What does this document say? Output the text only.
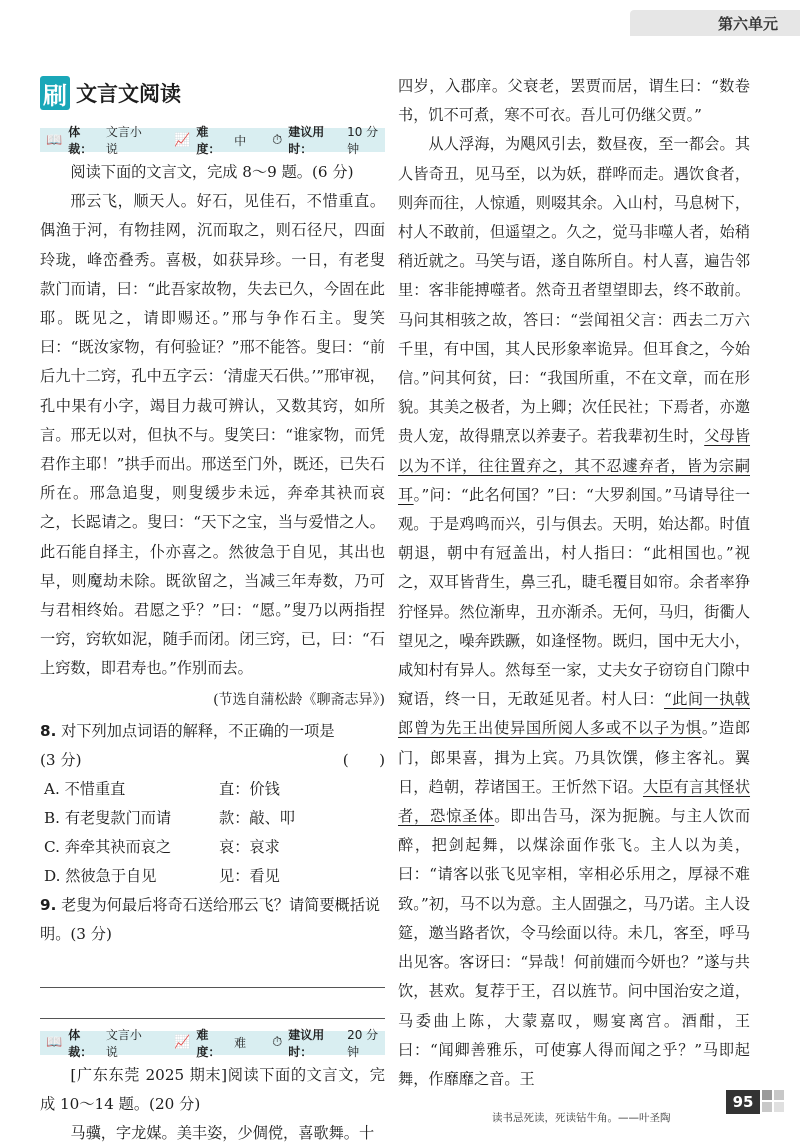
第六单元
刷 文言文阅读
📖
体裁：
文言小说
📈
难度：
中 ⏱
建议用时：
10 分钟

阅读下面的文言文，完成 8～9 题。(6 分)

邢云飞，顺天人。好石，见佳石，不惜重直。偶渔于河，有物挂网，沉而取之，则石径尺，四面玲珑，峰峦叠秀。喜极，如获异珍。一日，有老叟款门而请，曰：“此吾家故物，失去已久，今固在此耶。既见之，请即赐还。”邢与争作石主。叟笑曰：“既汝家物，有何验证？”邢不能答。叟曰：“前后九十二窍，孔中五字云：‘清虚天石供。’”邢审视，孔中果有小字，竭目力裁可辨认，又数其窍，如所言。邢无以对，但执不与。叟笑曰：“谁家物，而凭君作主耶！”拱手而出。邢送至门外，既还，已失石所在。邢急追叟，则叟缓步未远，奔牵其袂而哀之，长跽请之。叟曰：“天下之宝，当与爱惜之人。此石能自择主，仆亦喜之。然彼急于自见，其出也早，则魔劫未除。既欲留之，当减三年寿数，乃可与君相终始。君愿之乎？”曰：“愿。”叟乃以两指捏一窍，窍软如泥，随手而闭。闭三窍，已，曰：“石上窍数，即君寿也。”作别而去。

(节选自蒲松龄《聊斋志异》)

8. 对下列加点词语的解释，不正确的一项是
(3 分)	(　　)
A. 不惜重直	直：价钱
B. 有老叟款门而请	款：敲、叩
C. 奔牵其袂而哀之	哀：哀求
D. 然彼急于自见	见：看见
9. 老叟为何最后将奇石送给邢云飞？请简要概括说明。(3 分)
📖
体裁：
文言小说
📈
难度：
难 ⏱
建议用时：
20 分钟

[广东东莞 2025 期末]阅读下面的文言文，完成 10～14 题。(20 分)

马骥，字龙媒。美丰姿，少倜傥，喜歌舞。十

四岁，入郡庠。父衰老，罢贾而居，谓生曰：“数卷书，饥不可煮，寒不可衣。吾儿可仍继父贾。”

从人浮海，为飓风引去，数昼夜，至一都会。其人皆奇丑，见马至，以为妖，群哗而走。遇饮食者，则奔而往，人惊遁，则啜其余。入山村，马息树下，村人不敢前，但遥望之。久之，觉马非噬人者，始稍稍近就之。马笑与语，遂自陈所自。村人喜，遍告邻里：客非能搏噬者。然奇丑者望望即去，终不敢前。马问其相骇之故，答曰：“尝闻祖父言：西去二万六千里，有中国，其人民形象率诡异。但耳食之，今始信。”问其何贫，曰：“我国所重，不在文章，而在形貌。其美之极者，为上卿；次任民社；下焉者，亦邀贵人宠，故得鼎烹以养妻子。若我辈初生时，父母皆以为不详，往往置弃之，其不忍遽弃者，皆为宗嗣耳。”问：“此名何国？”曰：“大罗刹国。”马请导往一观。于是鸡鸣而兴，引与俱去。天明，始达都。时值朝退，朝中有冠盖出，村人指曰：“此相国也。”视之，双耳皆背生，鼻三孔，睫毛覆目如帘。余者率狰狞怪异。然位渐卑，丑亦渐杀。无何，马归，街衢人望见之，噪奔跌蹶，如逢怪物。既归，国中无大小，咸知村有异人。然每至一家，丈夫女子窃窃自门隙中窥语，终一日，无敢延见者。村人曰：“此间一执戟郎曾为先王出使异国所阅人多或不以子为惧。”造郎门，郎果喜，揖为上宾。乃具饮馔，修主客礼。翼日，趋朝，荐诸国王。王忻然下诏。大臣有言其怪状者，恐惊圣体。即出告马，深为扼腕。与主人饮而醉，把剑起舞，以煤涂面作张飞。主人以为美，曰：“请客以张飞见宰相，宰相必乐用之，厚禄不难致。”初，马不以为意。主人固强之，马乃诺。主人设筵，邀当路者饮，令马绘面以待。未几，客至，呼马出见客。客讶曰：“异哉！何前媸而今妍也？”遂与共饮，甚欢。复荐于王，召以旌节。问中国治安之道，马委曲上陈，大蒙嘉叹，赐宴离宫。酒酣，王曰：“闻卿善雅乐，可使寡人得而闻之乎？”马即起舞，作靡靡之音。王

95
读书忌死读，死读钻牛角。——叶圣陶
